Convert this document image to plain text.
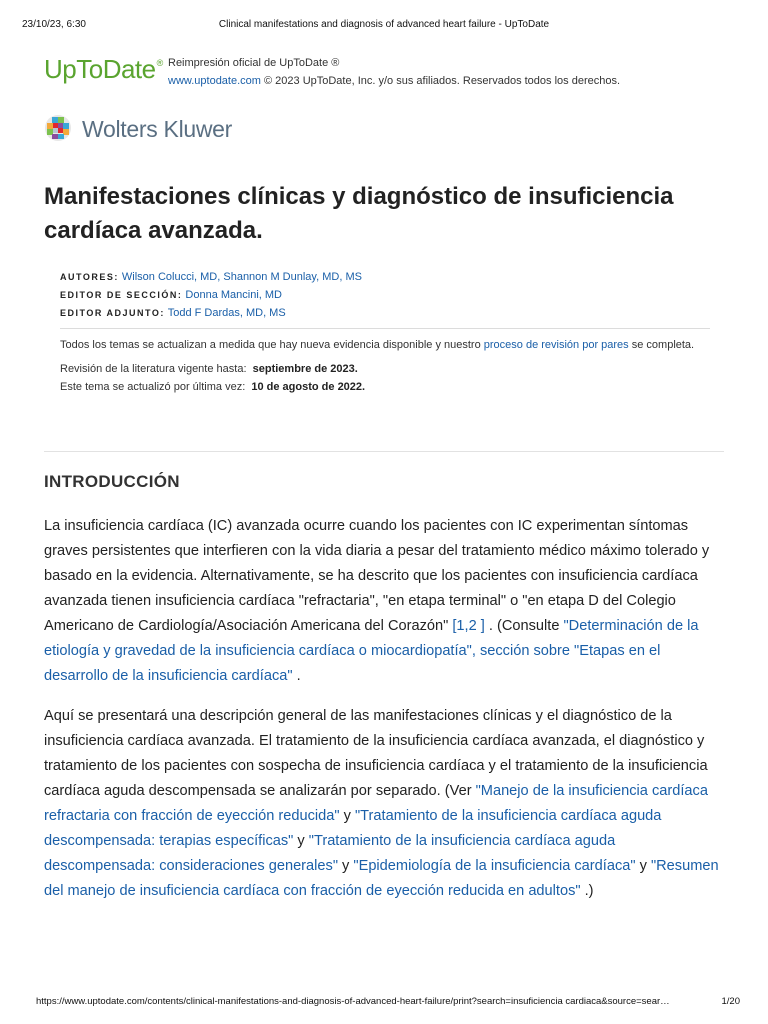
23/10/23, 6:30	Clinical manifestations and diagnosis of advanced heart failure - UpToDate
UpToDate® Reimpresión oficial de UpToDate ®
www.uptodate.com © 2023 UpToDate, Inc. y/o sus afiliados. Reservados todos los derechos.
Wolters Kluwer
Manifestaciones clínicas y diagnóstico de insuficiencia cardíaca avanzada.
AUTORES: Wilson Colucci, MD, Shannon M Dunlay, MD, MS
EDITOR DE SECCIÓN: Donna Mancini, MD
EDITOR ADJUNTO: Todd F Dardas, MD, MS
Todos los temas se actualizan a medida que hay nueva evidencia disponible y nuestro proceso de revisión por pares se completa.
Revisión de la literatura vigente hasta: septiembre de 2023.
Este tema se actualizó por última vez: 10 de agosto de 2022.
INTRODUCCIÓN

La insuficiencia cardíaca (IC) avanzada ocurre cuando los pacientes con IC experimentan síntomas graves persistentes que interfieren con la vida diaria a pesar del tratamiento médico máximo tolerado y basado en la evidencia. Alternativamente, se ha descrito que los pacientes con insuficiencia cardíaca avanzada tienen insuficiencia cardíaca "refractaria", "en etapa terminal" o "en etapa D del Colegio Americano de Cardiología/Asociación Americana del Corazón" [1,2 ] . (Consulte "Determinación de la etiología y gravedad de la insuficiencia cardíaca o miocardiopatía", sección sobre "Etapas en el desarrollo de la insuficiencia cardíaca" .

Aquí se presentará una descripción general de las manifestaciones clínicas y el diagnóstico de la insuficiencia cardíaca avanzada. El tratamiento de la insuficiencia cardíaca avanzada, el diagnóstico y tratamiento de los pacientes con sospecha de insuficiencia cardíaca y el tratamiento de la insuficiencia cardíaca aguda descompensada se analizarán por separado. (Ver "Manejo de la insuficiencia cardíaca refractaria con fracción de eyección reducida" y "Tratamiento de la insuficiencia cardíaca aguda descompensada: terapias específicas" y "Tratamiento de la insuficiencia cardíaca aguda descompensada: consideraciones generales" y "Epidemiología de la insuficiencia cardíaca" y "Resumen del manejo de insuficiencia cardíaca con fracción de eyección reducida en adultos" .)

https://www.uptodate.com/contents/clinical-manifestations-and-diagnosis-of-advanced-heart-failure/print?search=insuficiencia cardiaca&source=sear…	1/20
